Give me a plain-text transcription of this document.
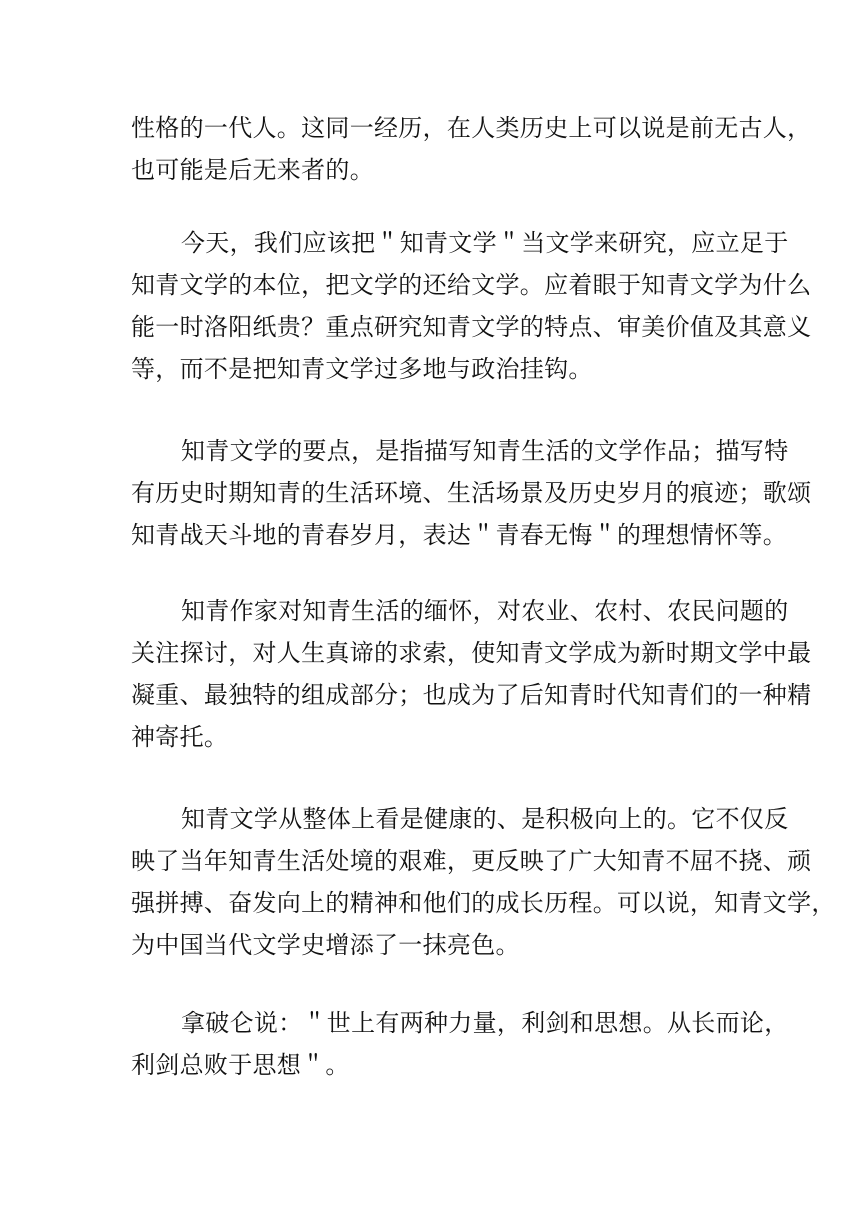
性格的一代人。这同一经历，在人类历史上可以说是前无古人，
也可能是后无来者的。
今天，我们应该把＂知青文学＂当文学来研究，应立足于
知青文学的本位，把文学的还给文学。应着眼于知青文学为什么
能一时洛阳纸贵？重点研究知青文学的特点、审美价值及其意义
等，而不是把知青文学过多地与政治挂钩。
知青文学的要点，是指描写知青生活的文学作品；描写特
有历史时期知青的生活环境、生活场景及历史岁月的痕迹；歌颂
知青战天斗地的青春岁月，表达＂青春无悔＂的理想情怀等。
知青作家对知青生活的缅怀，对农业、农村、农民问题的
关注探讨，对人生真谛的求索，使知青文学成为新时期文学中最
凝重、最独特的组成部分；也成为了后知青时代知青们的一种精
神寄托。
知青文学从整体上看是健康的、是积极向上的。它不仅反
映了当年知青生活处境的艰难，更反映了广大知青不屈不挠、顽
强拼搏、奋发向上的精神和他们的成长历程。可以说，知青文学，
为中国当代文学史增添了一抹亮色。
拿破仑说：＂世上有两种力量，利剑和思想。从长而论，
利剑总败于思想＂。
